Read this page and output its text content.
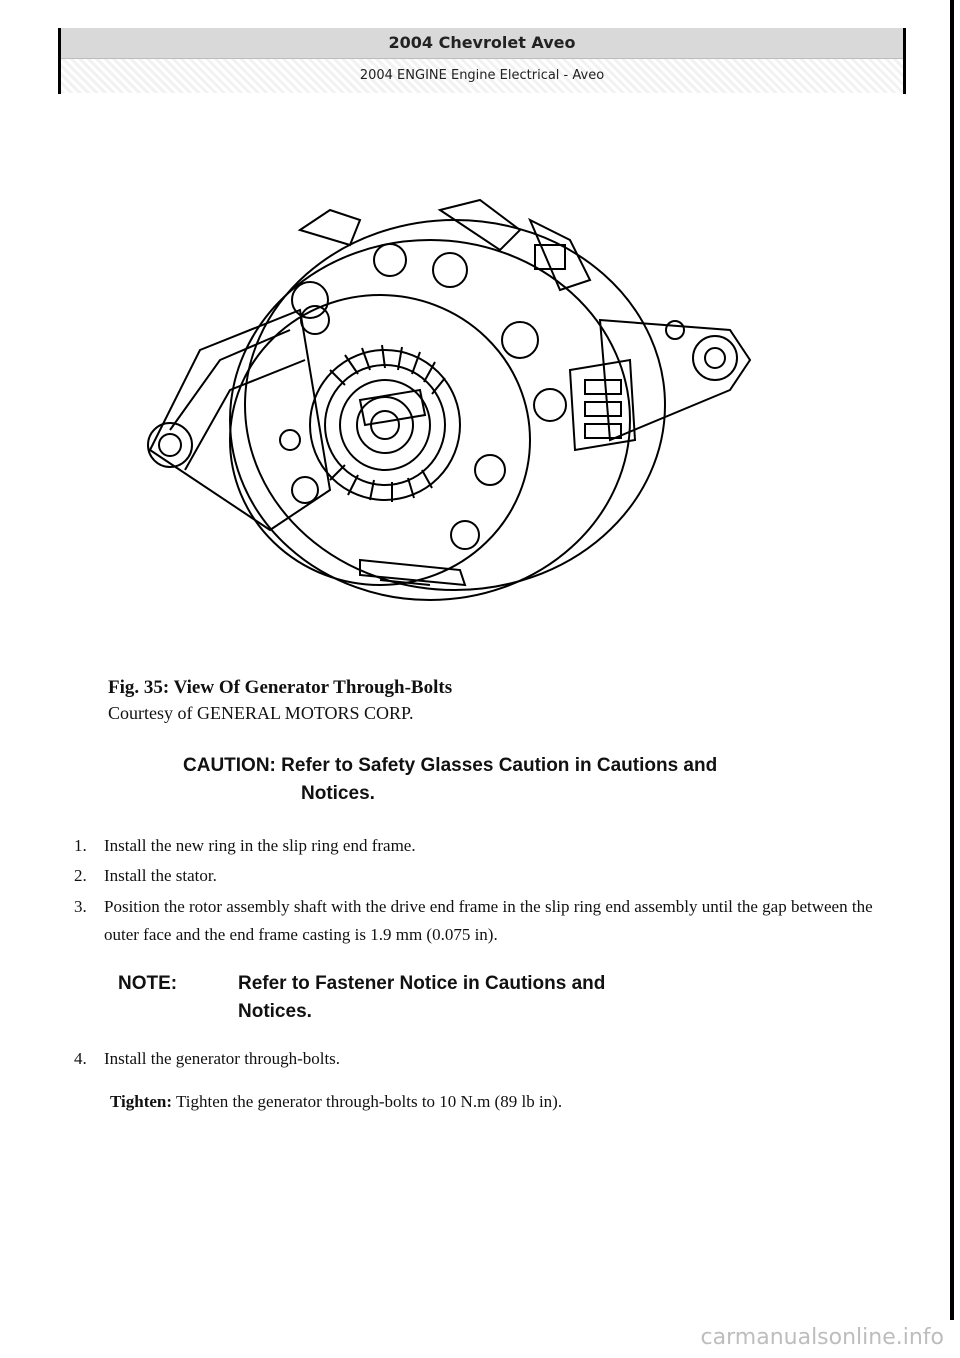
2004 Chevrolet Aveo
2004 ENGINE Engine Electrical - Aveo
Fig. 35: View Of Generator Through-Bolts
Courtesy of GENERAL MOTORS CORP.
CAUTION: Refer to Safety Glasses Caution in Cautions and
Notices.
1.	Install the new ring in the slip ring end frame.
2.	Install the stator.
3.	Position the rotor assembly shaft with the drive end frame in the slip ring end assembly until the gap between the outer face and the end frame casting is 1.9 mm (0.075 in).
NOTE:	Refer to Fastener Notice in Cautions and
Notices.
4.	Install the generator through-bolts.
Tighten: Tighten the generator through-bolts to 10 N.m (89 lb in).
carmanualsonline.info
